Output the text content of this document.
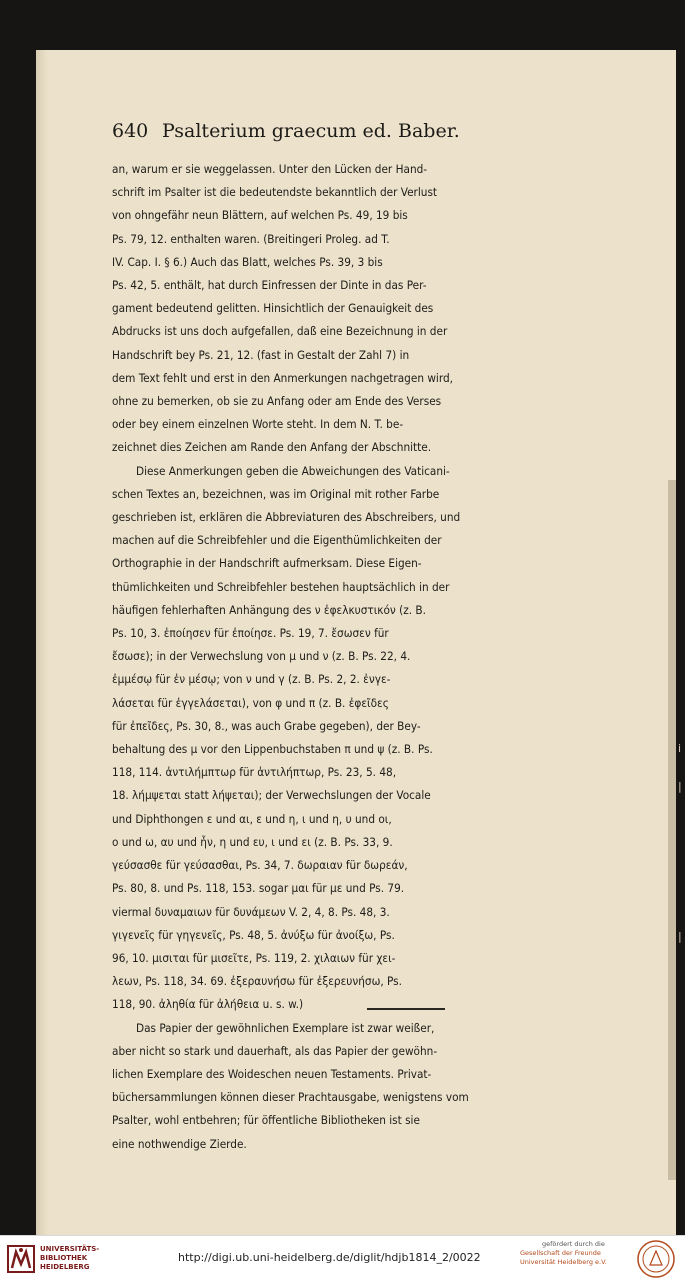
640 Psalterium graecum ed. Baber.
an, warum er sie weggelassen. Unter den Lücken der Hand-
schrift im Psalter ist die bedeutendste bekanntlich der Verlust
von ohngefähr neun Blättern, auf welchen Ps. 49, 19 bis
Ps. 79, 12. enthalten waren. (Breitingeri Proleg. ad T.
IV. Cap. I. § 6.) Auch das Blatt, welches Ps. 39, 3 bis
Ps. 42, 5. enthält, hat durch Einfressen der Dinte in das Per-
gament bedeutend gelitten. Hinsichtlich der Genauigkeit des
Abdrucks ist uns doch aufgefallen, daß eine Bezeichnung in der
Handschrift bey Ps. 21, 12. (fast in Gestalt der Zahl 7) in
dem Text fehlt und erst in den Anmerkungen nachgetragen wird,
ohne zu bemerken, ob sie zu Anfang oder am Ende des Verses
oder bey einem einzelnen Worte steht. In dem N. T. be-
zeichnet dies Zeichen am Rande den Anfang der Abschnitte.
Diese Anmerkungen geben die Abweichungen des Vaticani-
schen Textes an, bezeichnen, was im Original mit rother Farbe
geschrieben ist, erklären die Abbreviaturen des Abschreibers, und
machen auf die Schreibfehler und die Eigenthümlichkeiten der
Orthographie in der Handschrift aufmerksam. Diese Eigen-
thümlichkeiten und Schreibfehler bestehen hauptsächlich in der
häufigen fehlerhaften Anhängung des ν ἐφελκυστικόν (z. B.
Ps. 10, 3. ἐποίησεν für ἐποίησε. Ps. 19, 7. ἔσωσεν für
ἔσωσε); in der Verwechslung von μ und ν (z. B. Ps. 22, 4.
ἐμμέσῳ für ἐν μέσῳ; von ν und γ (z. B. Ps. 2, 2. ἐνγε-
λάσεται für ἐγγελάσεται), von φ und π (z. B. ἐφεῖδες
für ἐπεῖδες, Ps. 30, 8., was auch Grabe gegeben), der Bey-
behaltung des μ vor den Lippenbuchstaben π und ψ (z. B. Ps.
118, 114. ἀντιλήμπτωρ für ἀντιλήπτωρ, Ps. 23, 5. 48,
18. λήμψεται statt λήψεται); der Verwechslungen der Vocale
und Diphthongen ε und αι, ε und η, ι und η, υ und οι,
ο und ω, αυ und ἦν, η und ευ, ι und ει (z. B. Ps. 33, 9.
γεύσασθε für γεύσασθαι, Ps. 34, 7. δωραιαν für δωρεάν,
Ps. 80, 8. und Ps. 118, 153. sogar μαι für με und Ps. 79.
viermal δυναμαιων für δυνάμεων V. 2, 4, 8. Ps. 48, 3.
γιγενεῖς für γηγενεῖς, Ps. 48, 5. ἀνύξω für ἀνοίξω, Ps.
96, 10. μισιται für μισεῖτε, Ps. 119, 2. χιλαιων für χει-
λεων, Ps. 118, 34. 69. ἐξεραυνήσω für ἐξερευνήσω, Ps.
118, 90. ἀληθία für ἀλήθεια u. s. w.)
Das Papier der gewöhnlichen Exemplare ist zwar weißer,
aber nicht so stark und dauerhaft, als das Papier der gewöhn-
lichen Exemplare des Woideschen neuen Testaments. Privat-
büchersammlungen können dieser Prachtausgabe, wenigstens vom
Psalter, wohl entbehren; für öffentliche Bibliotheken ist sie
eine nothwendige Zierde.
i
|
|
UNIVERSITÄTS-
BIBLIOTHEK
HEIDELBERG
http://digi.ub.uni-heidelberg.de/diglit/hdjb1814_2/0022
gefördert durch die
Gesellschaft der Freunde
Universität Heidelberg e.V.
